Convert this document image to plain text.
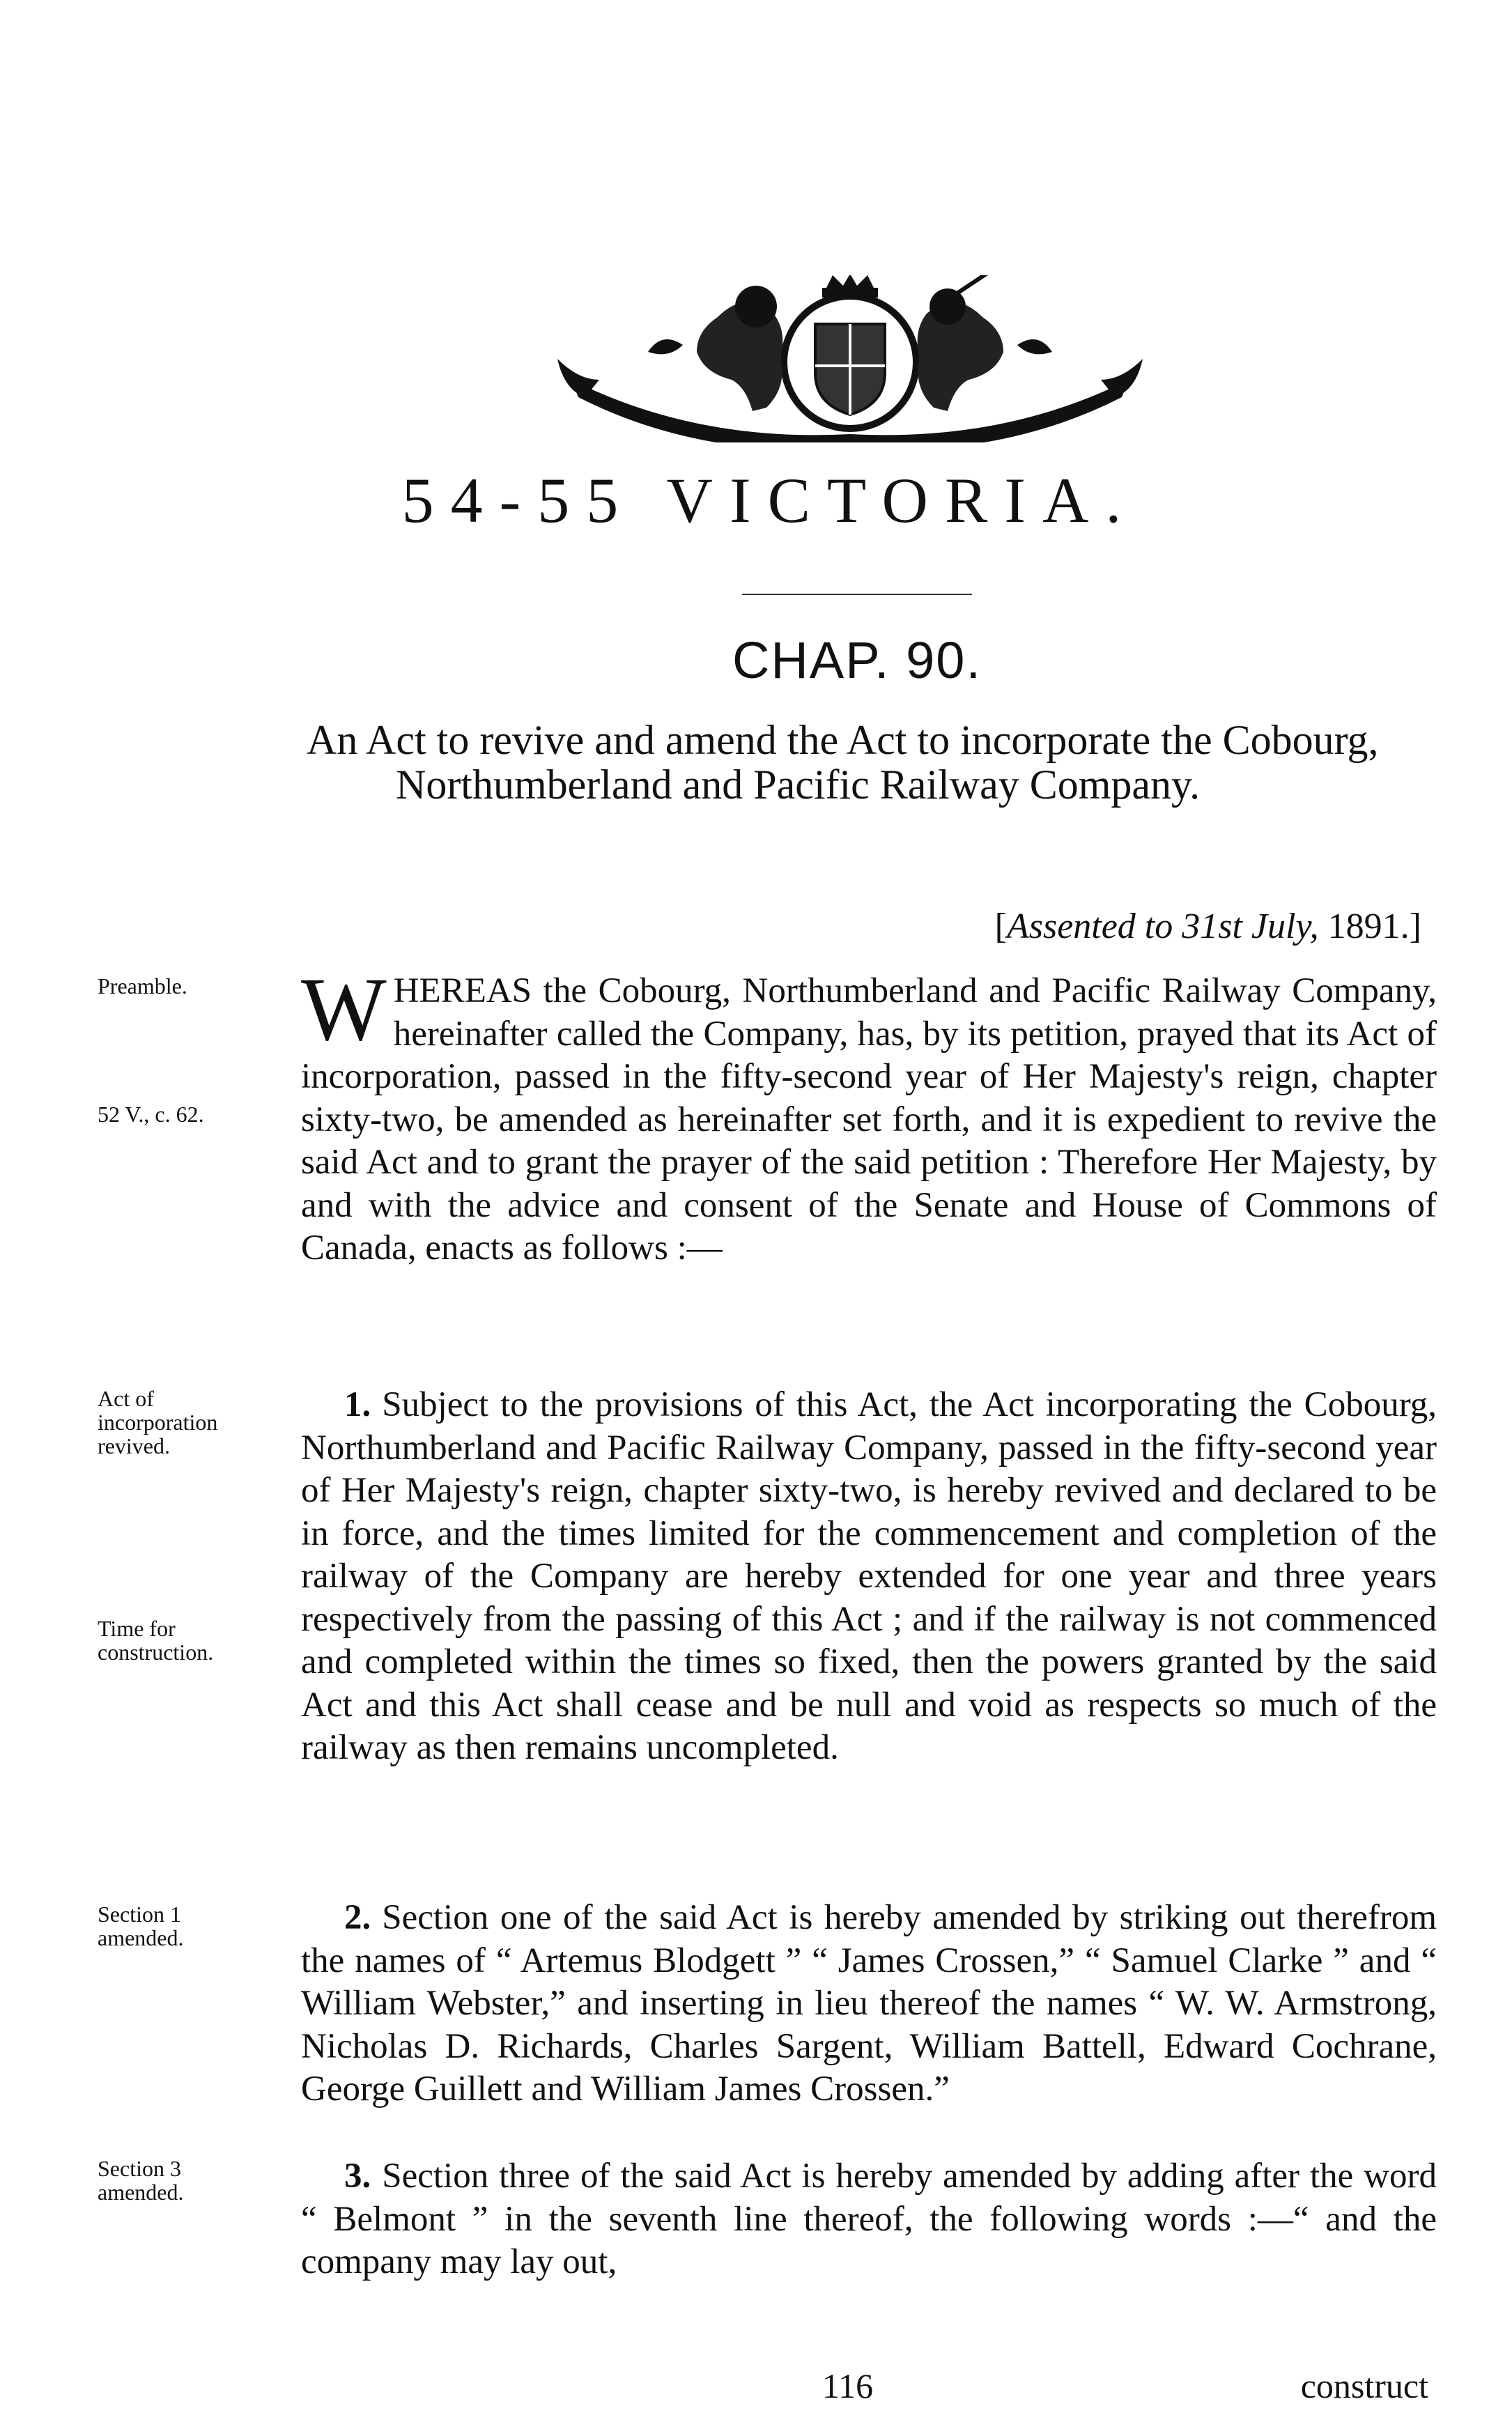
54-55 VICTORIA.
CHAP. 90.
An Act to revive and amend the Act to incorporate the Cobourg, Northumberland and Pacific Railway Company.
[Assented to 31st July, 1891.]
Preamble.
52 V., c. 62.
Act of incorporation revived.
Time for construction.
Section 1 amended.
Section 3 amended.
WHEREAS the Cobourg, Northumberland and Pacific Railway Company, hereinafter called the Company, has, by its petition, prayed that its Act of incorporation, passed in the fifty-second year of Her Majesty's reign, chapter sixty-two, be amended as hereinafter set forth, and it is expedient to revive the said Act and to grant the prayer of the said petition : Therefore Her Majesty, by and with the advice and consent of the Senate and House of Commons of Canada, enacts as follows :—
1. Subject to the provisions of this Act, the Act incorporating the Cobourg, Northumberland and Pacific Railway Company, passed in the fifty-second year of Her Majesty's reign, chapter sixty-two, is hereby revived and declared to be in force, and the times limited for the commencement and completion of the railway of the Company are hereby extended for one year and three years respectively from the passing of this Act ; and if the railway is not commenced and completed within the times so fixed, then the powers granted by the said Act and this Act shall cease and be null and void as respects so much of the railway as then remains uncompleted.
2. Section one of the said Act is hereby amended by striking out therefrom the names of “ Artemus Blodgett ” “ James Crossen,” “ Samuel Clarke ” and “ William Webster,” and inserting in lieu thereof the names “ W. W. Armstrong, Nicholas D. Richards, Charles Sargent, William Battell, Edward Cochrane, George Guillett and William James Crossen.”
3. Section three of the said Act is hereby amended by adding after the word “ Belmont ” in the seventh line thereof, the following words :—“ and the company may lay out,
116	construct
